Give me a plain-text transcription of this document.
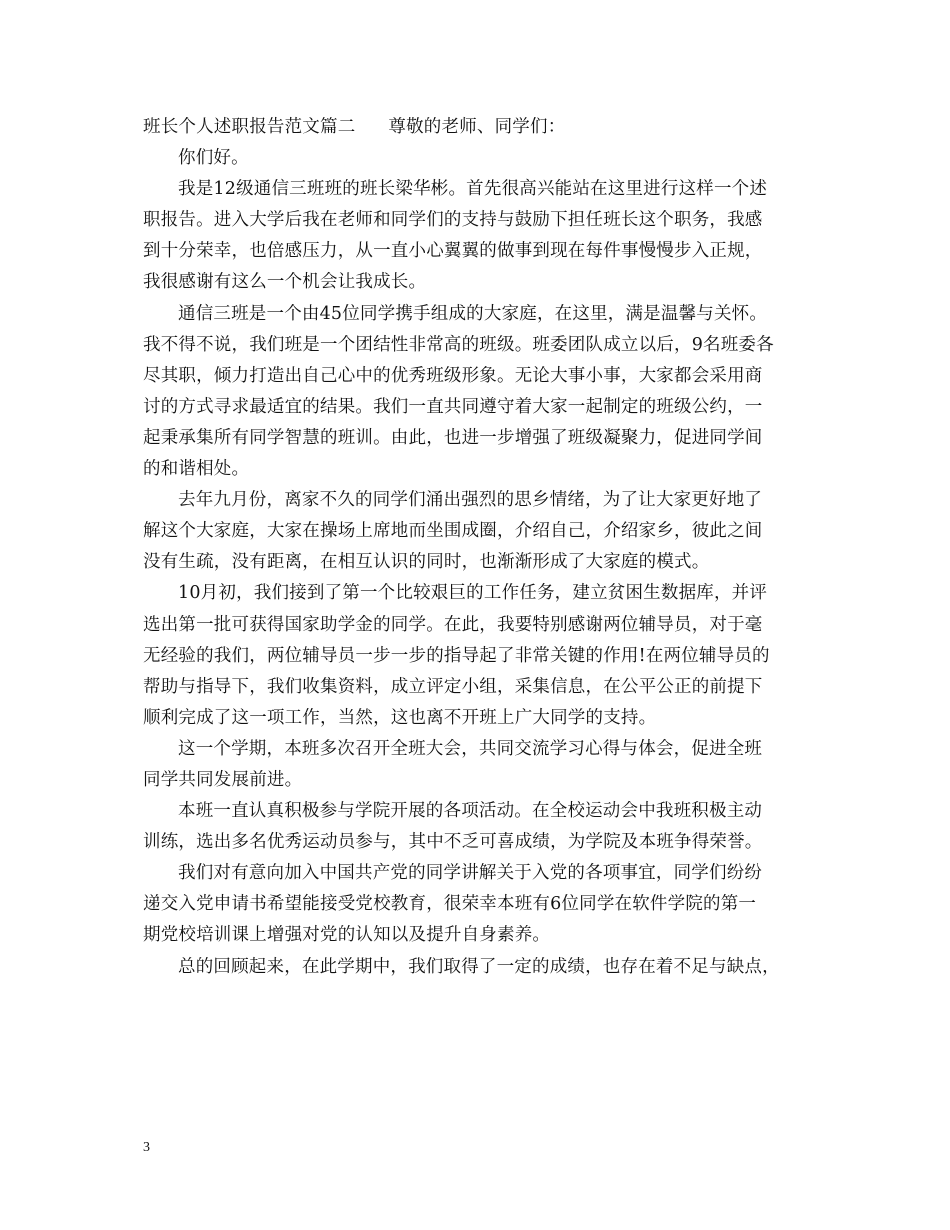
班长个人述职报告范文篇二 尊敬的老师、同学们：
你们好。
我是12级通信三班班的班长梁华彬。首先很高兴能站在这里进行这样一个述
职报告。进入大学后我在老师和同学们的支持与鼓励下担任班长这个职务，我感
到十分荣幸，也倍感压力，从一直小心翼翼的做事到现在每件事慢慢步入正规，
我很感谢有这么一个机会让我成长。
通信三班是一个由45位同学携手组成的大家庭，在这里，满是温馨与关怀。
我不得不说，我们班是一个团结性非常高的班级。班委团队成立以后，9名班委各
尽其职，倾力打造出自己心中的优秀班级形象。无论大事小事，大家都会采用商
讨的方式寻求最适宜的结果。我们一直共同遵守着大家一起制定的班级公约，一
起秉承集所有同学智慧的班训。由此，也进一步增强了班级凝聚力，促进同学间
的和谐相处。
去年九月份，离家不久的同学们涌出强烈的思乡情绪，为了让大家更好地了
解这个大家庭，大家在操场上席地而坐围成圈，介绍自己，介绍家乡，彼此之间
没有生疏，没有距离，在相互认识的同时，也渐渐形成了大家庭的模式。
10月初，我们接到了第一个比较艰巨的工作任务，建立贫困生数据库，并评
选出第一批可获得国家助学金的同学。在此，我要特别感谢两位辅导员，对于毫
无经验的我们，两位辅导员一步一步的指导起了非常关键的作用!在两位辅导员的
帮助与指导下，我们收集资料，成立评定小组，采集信息，在公平公正的前提下
顺利完成了这一项工作，当然，这也离不开班上广大同学的支持。
这一个学期，本班多次召开全班大会，共同交流学习心得与体会，促进全班
同学共同发展前进。
本班一直认真积极参与学院开展的各项活动。在全校运动会中我班积极主动
训练，选出多名优秀运动员参与，其中不乏可喜成绩，为学院及本班争得荣誉。
我们对有意向加入中国共产党的同学讲解关于入党的各项事宜，同学们纷纷
递交入党申请书希望能接受党校教育，很荣幸本班有6位同学在软件学院的第一
期党校培训课上增强对党的认知以及提升自身素养。
总的回顾起来，在此学期中，我们取得了一定的成绩，也存在着不足与缺点，
3
